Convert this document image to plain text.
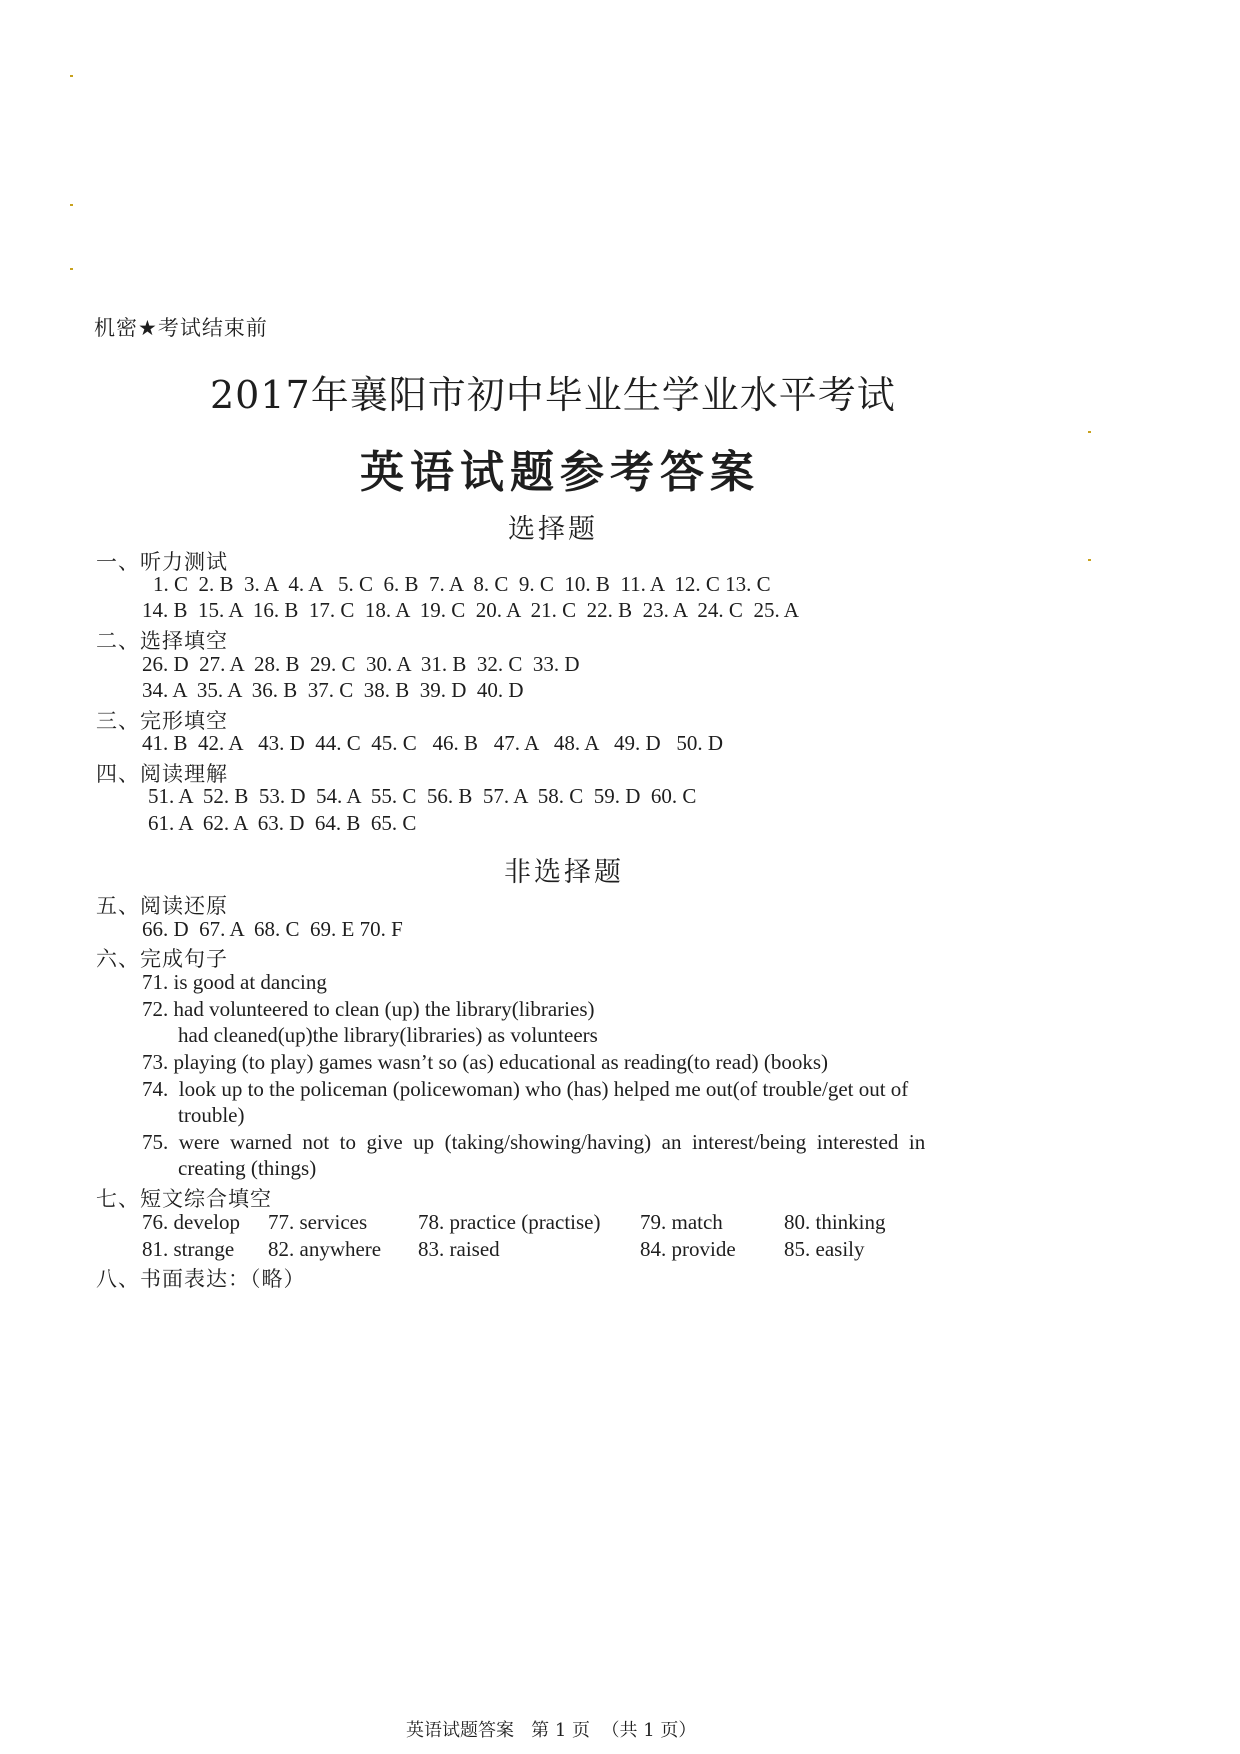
机密★考试结束前
2017年襄阳市初中毕业生学业水平考试
英语试题参考答案
选择题
一、听力测试
1. C  2. B  3. A  4. A   5. C  6. B  7. A  8. C  9. C  10. B  11. A  12. C 13. C
14. B  15. A  16. B  17. C  18. A  19. C  20. A  21. C  22. B  23. A  24. C  25. A
二、选择填空
26. D  27. A  28. B  29. C  30. A  31. B  32. C  33. D
34. A  35. A  36. B  37. C  38. B  39. D  40. D
三、完形填空
41. B  42. A   43. D  44. C  45. C   46. B   47. A   48. A   49. D   50. D
四、阅读理解
51. A  52. B  53. D  54. A  55. C  56. B  57. A  58. C  59. D  60. C
61. A  62. A  63. D  64. B  65. C
非选择题
五、阅读还原
66. D  67. A  68. C  69. E 70. F
六、完成句子
71. is good at dancing
72. had volunteered to clean (up) the library(libraries)
had cleaned(up)the library(libraries) as volunteers
73. playing (to play) games wasn’t so (as) educational as reading(to read) (books)
74.  look up to the policeman (policewoman) who (has) helped me out(of trouble/get out of
trouble)
75.  were  warned  not  to  give  up  (taking/showing/having)  an  interest/being  interested  in
creating (things)
七、短文综合填空
76. develop 77. services 78. practice (practise) 79. match	80. thinking
81. strange 82. anywhere 83. raised	84. provide 85. easily
八、书面表达：（略）
英语试题答案   第 1 页  （共 1 页）
